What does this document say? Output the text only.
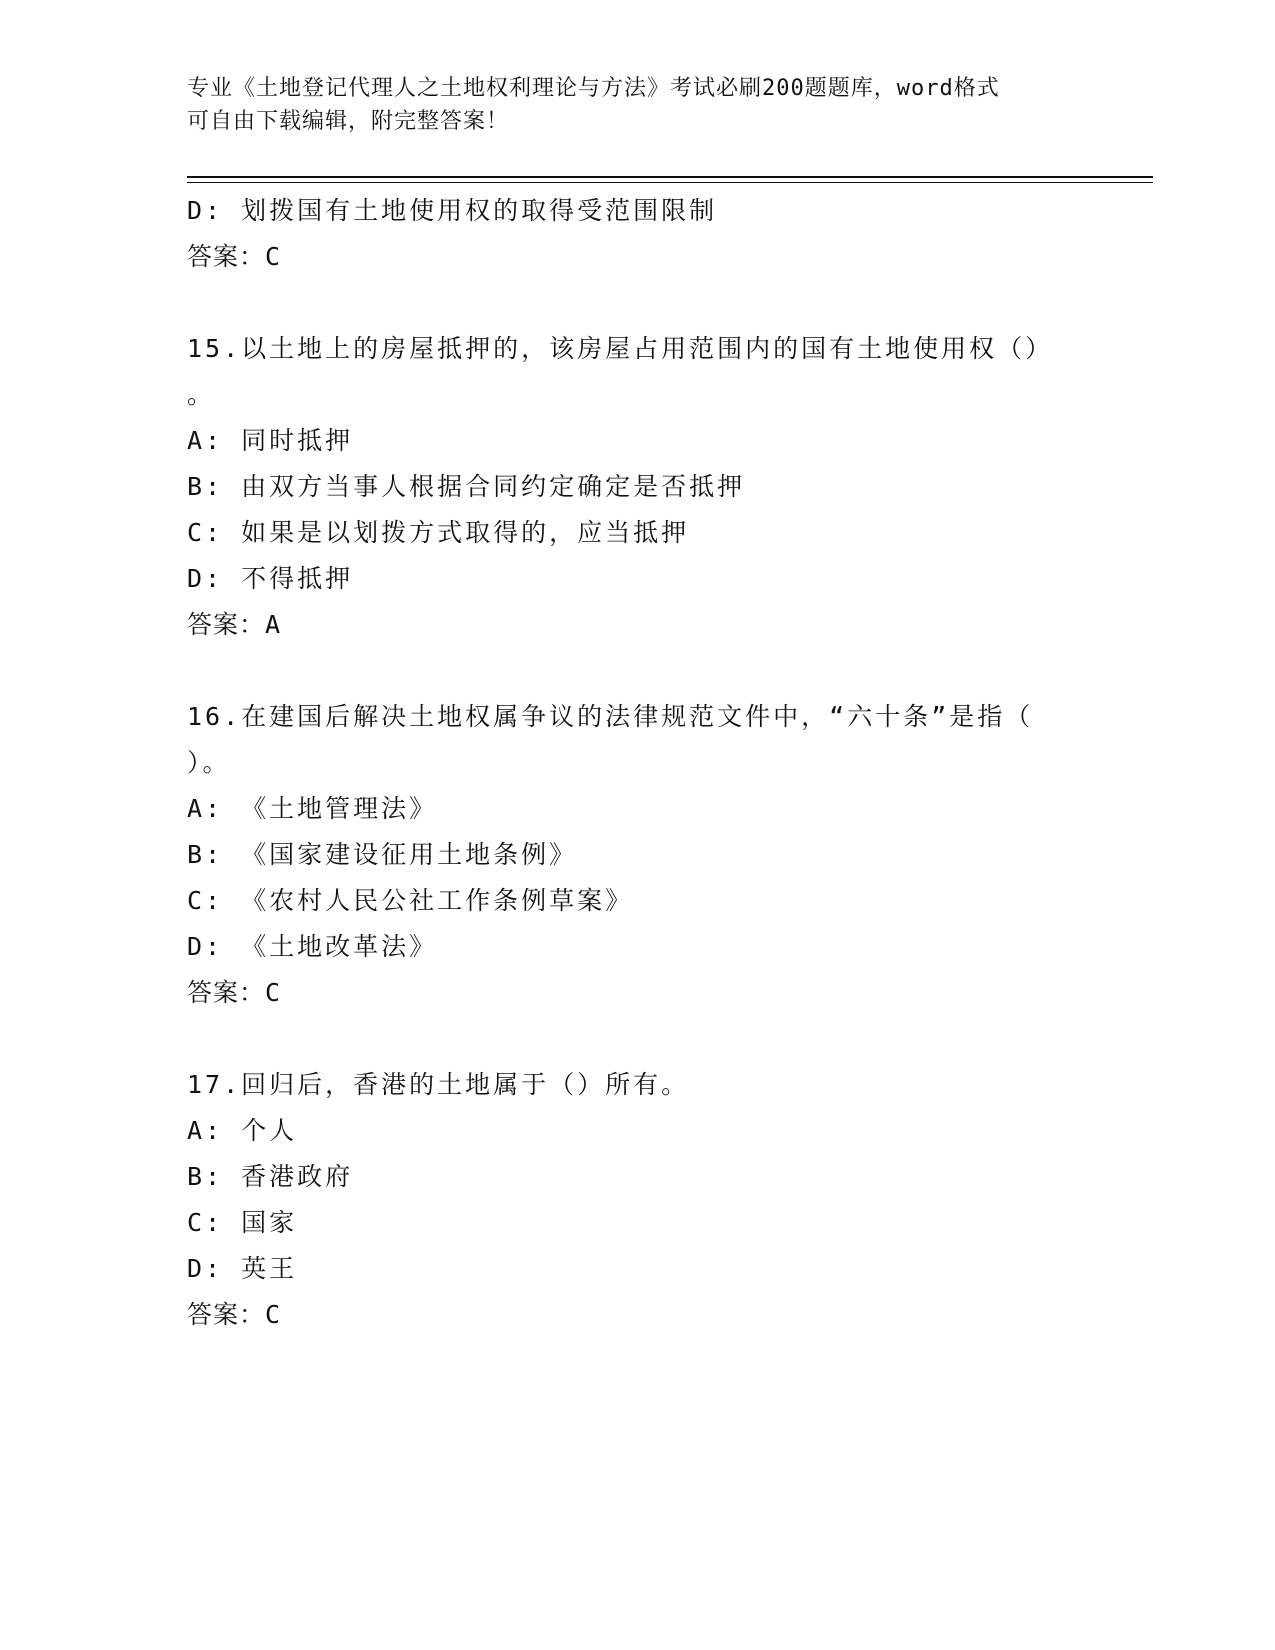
专业《土地登记代理人之土地权利理论与方法》考试必刷200题题库，word格式
可自由下载编辑，附完整答案！
D: 划拨国有土地使用权的取得受范围限制
答案：C
15.以土地上的房屋抵押的，该房屋占用范围内的国有土地使用权（）
。
A: 同时抵押
B: 由双方当事人根据合同约定确定是否抵押
C: 如果是以划拨方式取得的，应当抵押
D: 不得抵押
答案：A
16.在建国后解决土地权属争议的法律规范文件中，“六十条”是指（
）。
A: 《土地管理法》
B: 《国家建设征用土地条例》
C: 《农村人民公社工作条例草案》
D: 《土地改革法》
答案：C
17.回归后，香港的土地属于（）所有。
A: 个人
B: 香港政府
C: 国家
D: 英王
答案：C
